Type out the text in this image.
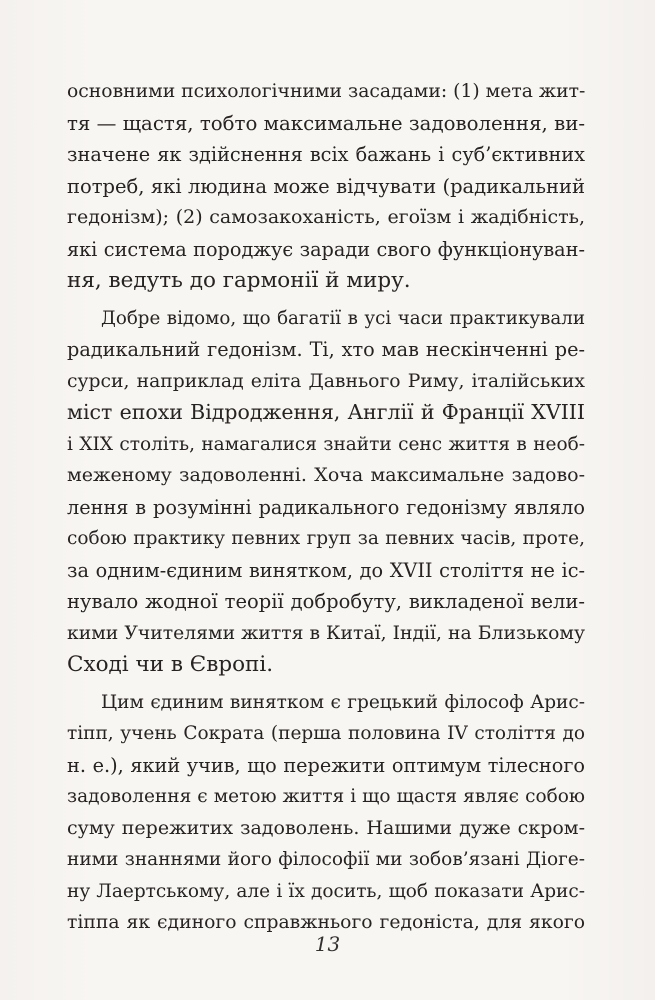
основними психологічними засадами: (1) мета жит-
тя — щастя, тобто максимальне задоволення, ви-
значене як здійснення всіх бажань і суб’єктивних
потреб, які людина може відчувати (радикальний
гедонізм); (2) самозакоханість, егоїзм і жадібність,
які система породжує заради свого функціонуван-
ня, ведуть до гармонії й миру.
Добре відомо, що багатії в усі часи практикували
радикальний гедонізм. Ті, хто мав нескінченні ре-
сурси, наприклад еліта Давнього Риму, італійських
міст епохи Відродження, Англії й Франції XVIII
і XIX століть, намагалися знайти сенс життя в необ-
меженому задоволенні. Хоча максимальне задово-
лення в розумінні радикального гедонізму являло
собою практику певних груп за певних часів, проте,
за одним-єдиним винятком, до XVII століття не іс-
нувало жодної теорії добробуту, викладеної вели-
кими Учителями життя в Китаї, Індії, на Близькому
Сході чи в Європі.
Цим єдиним винятком є грецький філософ Арис-
тіпп, учень Сократа (перша половина IV століття до
н. е.), який учив, що пережити оптимум тілесного
задоволення є метою життя і що щастя являє собою
суму пережитих задоволень. Нашими дуже скром-
ними знаннями його філософії ми зобов’язані Діоге-
ну Лаертському, але і їх досить, щоб показати Арис-
тіппа як єдиного справжнього гедоніста, для якого
13
